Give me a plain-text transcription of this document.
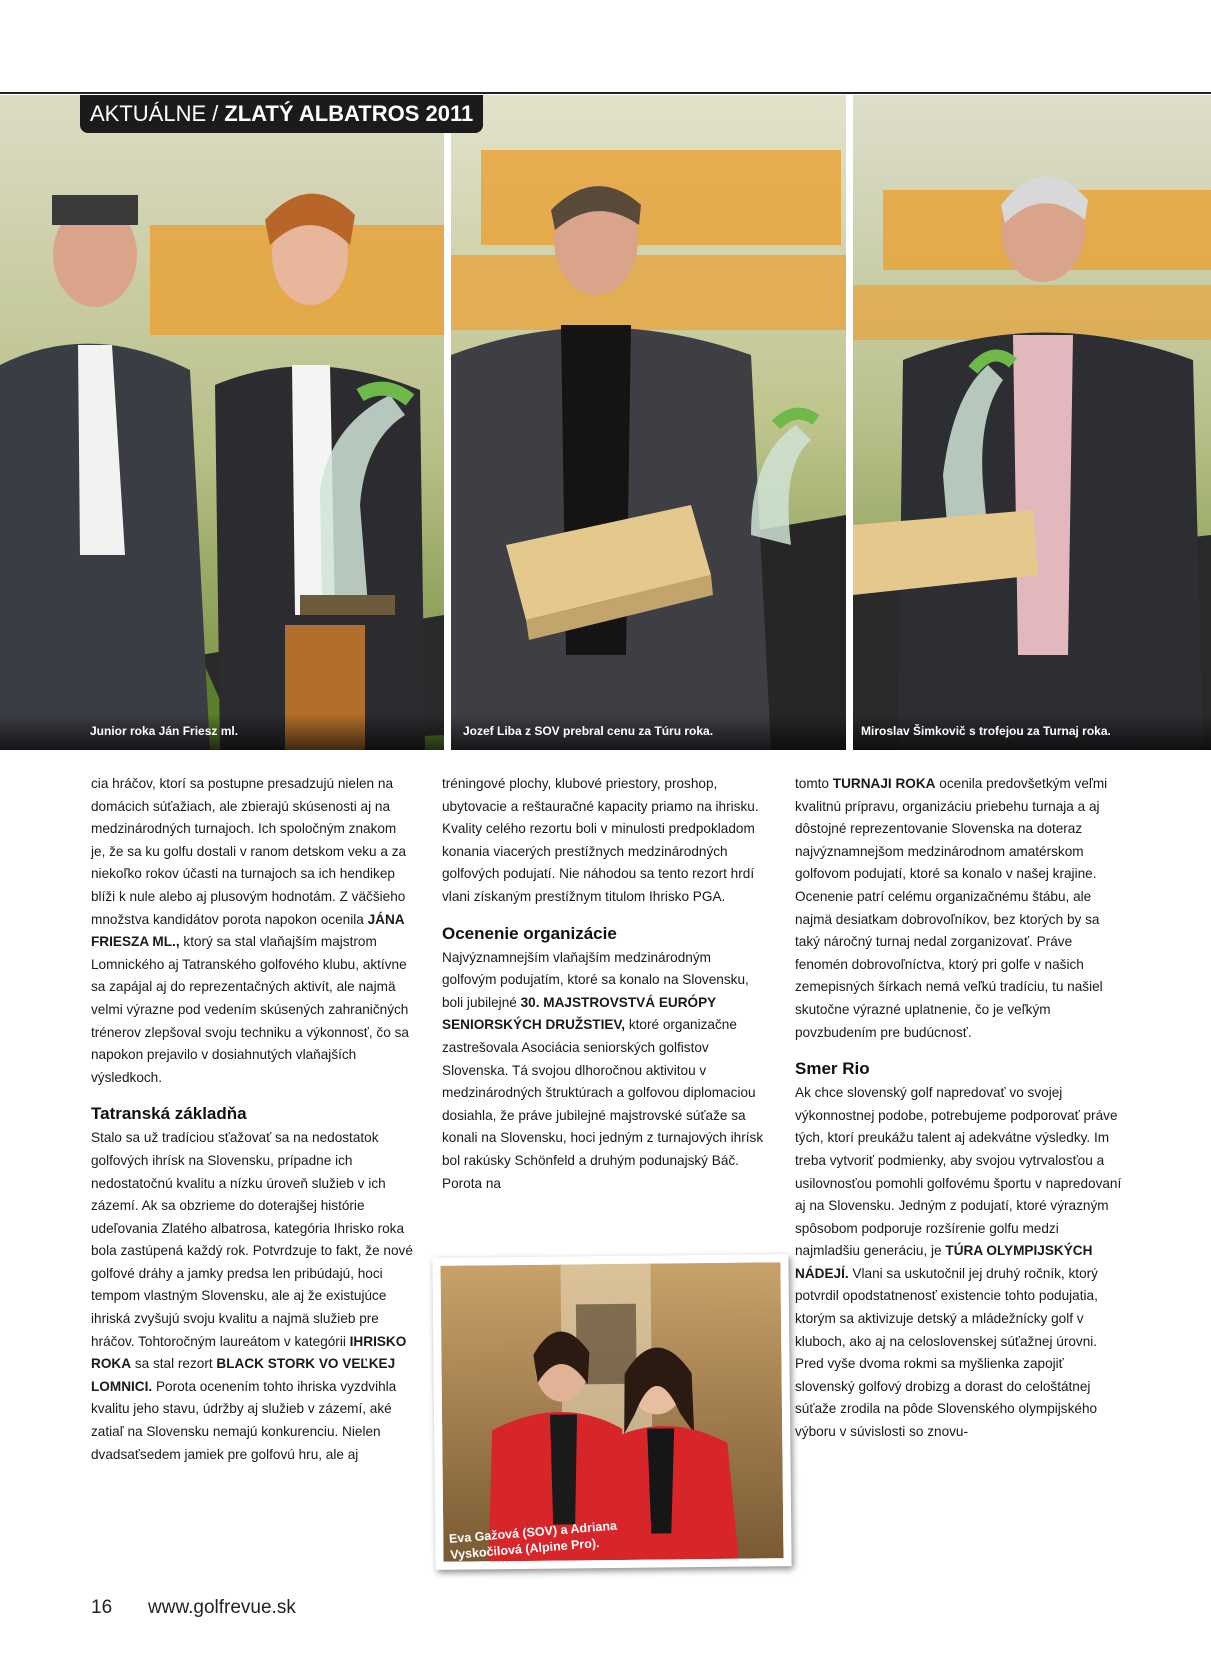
Junior roka Ján Friesz ml.	Jozef Liba z SOV prebral cenu za Túru roka.	Miroslav Šimkovič s trofejou za Turnaj roka.
AKTUÁLNE / ZLATÝ ALBATROS 2011

cia hráčov, ktorí sa postupne presadzujú nielen na domácich súťažiach, ale zbierajú skúsenosti aj na medzinárodných turnajoch. Ich spoločným znakom je, že sa ku golfu dostali v ranom detskom veku a za niekoľko rokov účasti na turnajoch sa ich hendikep blíži k nule alebo aj plusovým hodnotám. Z väčšieho množstva kandidátov porota napokon ocenila JÁNA FRIESZA ML., ktorý sa stal vlaňajším majstrom Lomnického aj Tatranského golfového klubu, aktívne sa zapájal aj do reprezentačných aktivít, ale najmä velmi výrazne pod vedením skúsených zahraničných trénerov zlepšoval svoju techniku a výkonnosť, čo sa napokon prejavilo v dosiahnutých vlaňajších výsledkoch.

Tatranská základňa

Stalo sa už tradíciou sťažovať sa na nedostatok golfových ihrísk na Slovensku, prípadne ich nedostatočnú kvalitu a nízku úroveň služieb v ich zázemí. Ak sa obzrieme do doterajšej histórie udeľovania Zlatého albatrosa, kategória Ihrisko roka bola zastúpená každý rok. Potvrdzuje to fakt, že nové golfové dráhy a jamky predsa len pribúdajú, hoci tempom vlastným Slovensku, ale aj že existujúce ihriská zvyšujú svoju kvalitu a najmä služieb pre hráčov. Tohtoročným laureátom v kategórii IHRISKO ROKA sa stal rezort BLACK STORK VO VEĽKEJ LOMNICI. Porota ocenením tohto ihriska vyzdvihla kvalitu jeho stavu, údržby aj služieb v zázemí, aké zatiaľ na Slovensku nemajú konkurenciu. Nielen dvadsaťsedem jamiek pre golfovú hru, ale aj

tréningové plochy, klubové priestory, proshop, ubytovacie a reštauračné kapacity priamo na ihrisku. Kvality celého rezortu boli v minulosti predpokladom konania viacerých prestížnych medzinárodných golfových podujatí. Nie náhodou sa tento rezort hrdí vlani získaným prestížnym titulom Ihrisko PGA.

Ocenenie organizácie

Najvýznamnejším vlaňajším medzinárodným golfovým podujatím, ktoré sa konalo na Slovensku, boli jubilejné 30. MAJSTROVSTVÁ EURÓPY SENIORSKÝCH DRUŽSTIEV, ktoré organizačne zastrešovala Asociácia seniorských golfistov Slovenska. Tá svojou dlhoročnou aktivitou v medzinárodných štruktúrach a golfovou diplomaciou dosiahla, že práve jubilejné majstrovské súťaže sa konali na Slovensku, hoci jedným z turnajových ihrísk bol rakúsky Schönfeld a druhým podunajský Báč. Porota na

tomto TURNAJI ROKA ocenila predovšetkým veľmi kvalitnú prípravu, organizáciu priebehu turnaja a aj dôstojné reprezentovanie Slovenska na doteraz najvýznamnejšom medzinárodnom amatérskom golfovom podujatí, ktoré sa konalo v našej krajine. Ocenenie patrí celému organizačnému štábu, ale najmä desiatkam dobrovoľníkov, bez ktorých by sa taký náročný turnaj nedal zorganizovať. Práve fenomén dobrovoľníctva, ktorý pri golfe v našich zemepisných šírkach nemá veľkú tradíciu, tu našiel skutočne výrazné uplatnenie, čo je veľkým povzbudením pre budúcnosť.

Smer Rio

Ak chce slovenský golf napredovať vo svojej výkonnostnej podobe, potrebujeme podporovať práve tých, ktorí preukážu talent aj adekvátne výsledky. Im treba vytvoriť podmienky, aby svojou vytrvalosťou a usilovnosťou pomohli golfovému športu v napredovaní aj na Slovensku. Jedným z podujatí, ktoré výrazným spôsobom podporuje rozšírenie golfu medzi najmladšiu generáciu, je TÚRA OLYMPIJSKÝCH NÁDEJÍ. Vlani sa uskutočnil jej druhý ročník, ktorý potvrdil opodstatnenosť existencie tohto podujatia, ktorým sa aktivizuje detský a mládežnícky golf v kluboch, ako aj na celoslovenskej súťažnej úrovni. Pred vyše dvoma rokmi sa myšlienka zapojiť slovenský golfový drobizg a dorast do celoštátnej súťaže zrodila na pôde Slovenského olympijského výboru v súvislosti so znovu-

Eva Gažová (SOV) a Adriana Vyskočilová (Alpine Pro).
16 www.golfrevue.sk
